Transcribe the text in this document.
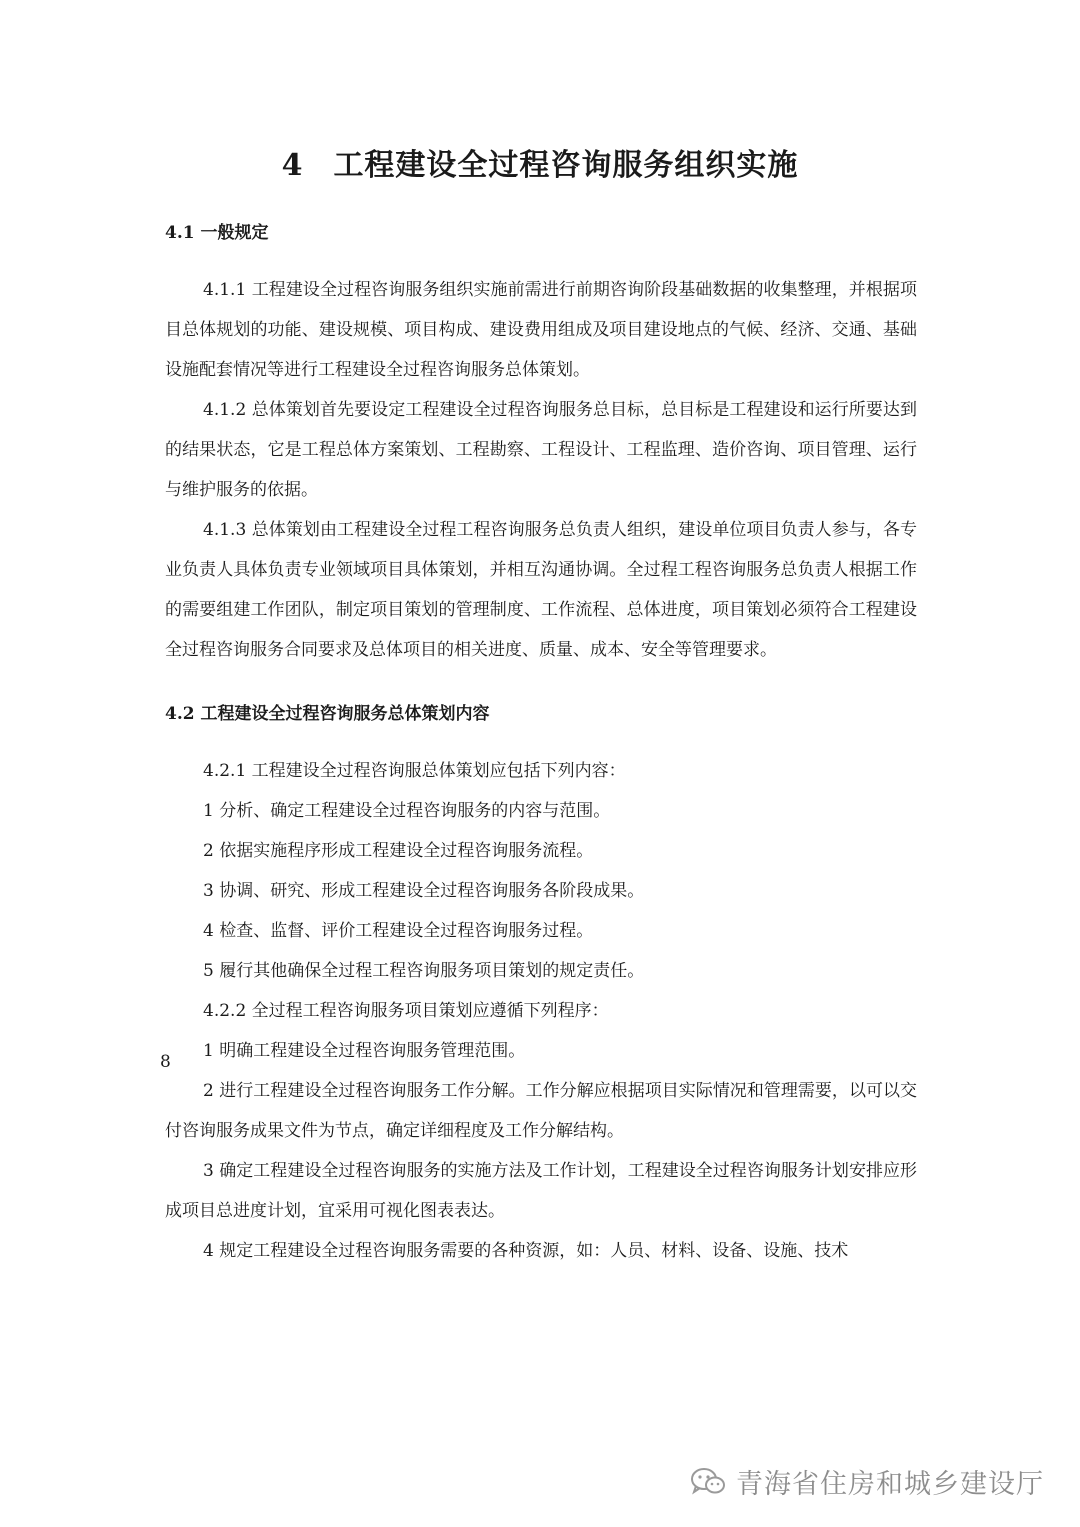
4 工程建设全过程咨询服务组织实施

4.1 一般规定

4.1.1 工程建设全过程咨询服务组织实施前需进行前期咨询阶段基础数据的收集整理，并根据项目总体规划的功能、建设规模、项目构成、建设费用组成及项目建设地点的气候、经济、交通、基础设施配套情况等进行工程建设全过程咨询服务总体策划。

4.1.2 总体策划首先要设定工程建设全过程咨询服务总目标，总目标是工程建设和运行所要达到的结果状态，它是工程总体方案策划、工程勘察、工程设计、工程监理、造价咨询、项目管理、运行与维护服务的依据。

4.1.3 总体策划由工程建设全过程工程咨询服务总负责人组织，建设单位项目负责人参与，各专业负责人具体负责专业领域项目具体策划，并相互沟通协调。全过程工程咨询服务总负责人根据工作的需要组建工作团队，制定项目策划的管理制度、工作流程、总体进度，项目策划必须符合工程建设全过程咨询服务合同要求及总体项目的相关进度、质量、成本、安全等管理要求。

4.2 工程建设全过程咨询服务总体策划内容

4.2.1 工程建设全过程咨询服总体策划应包括下列内容：

1 分析、确定工程建设全过程咨询服务的内容与范围。

2 依据实施程序形成工程建设全过程咨询服务流程。

3 协调、研究、形成工程建设全过程咨询服务各阶段成果。

4 检查、监督、评价工程建设全过程咨询服务过程。

5 履行其他确保全过程工程咨询服务项目策划的规定责任。

4.2.2 全过程工程咨询服务项目策划应遵循下列程序：

1 明确工程建设全过程咨询服务管理范围。

2 进行工程建设全过程咨询服务工作分解。工作分解应根据项目实际情况和管理需要，以可以交付咨询服务成果文件为节点，确定详细程度及工作分解结构。

3 确定工程建设全过程咨询服务的实施方法及工作计划，工程建设全过程咨询服务计划安排应形成项目总进度计划，宜采用可视化图表表达。

4 规定工程建设全过程咨询服务需要的各种资源，如：人员、材料、设备、设施、技术

8
青海省住房和城乡建设厅
